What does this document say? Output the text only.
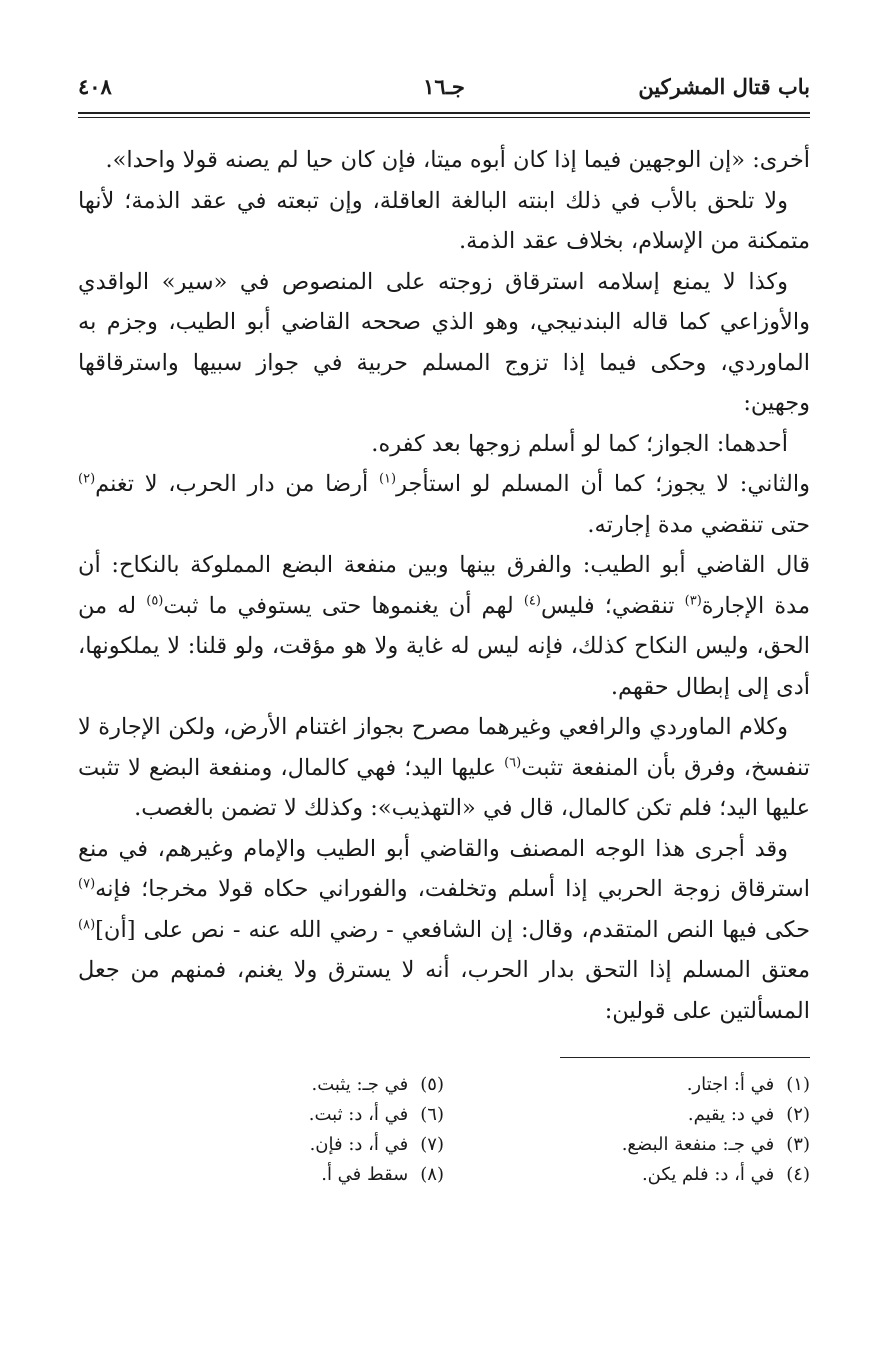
باب قتال المشركين
جـ١٦
٤٠٨

أخرى: «إن الوجهين فيما إذا كان أبوه ميتا، فإن كان حيا لم يصنه قولا واحدا».

ولا تلحق بالأب في ذلك ابنته البالغة العاقلة، وإن تبعته في عقد الذمة؛ لأنها متمكنة من الإسلام، بخلاف عقد الذمة.

وكذا لا يمنع إسلامه استرقاق زوجته على المنصوص في «سير» الواقدي والأوزاعي كما قاله البندنيجي، وهو الذي صححه القاضي أبو الطيب، وجزم به الماوردي، وحكى فيما إذا تزوج المسلم حربية في جواز سبيها واسترقاقها وجهين:

أحدهما: الجواز؛ كما لو أسلم زوجها بعد كفره.

والثاني: لا يجوز؛ كما أن المسلم لو استأجر$^{(١)}$ أرضا من دار الحرب، لا تغنم$^{(٢)}$ حتى تنقضي مدة إجارته.

قال القاضي أبو الطيب: والفرق بينها وبين منفعة البضع المملوكة بالنكاح: أن مدة الإجارة$^{(٣)}$ تنقضي؛ فليس$^{(٤)}$ لهم أن يغنموها حتى يستوفي ما ثبت$^{(٥)}$ له من الحق، وليس النكاح كذلك، فإنه ليس له غاية ولا هو مؤقت، ولو قلنا: لا يملكونها، أدى إلى إبطال حقهم.

وكلام الماوردي والرافعي وغيرهما مصرح بجواز اغتنام الأرض، ولكن الإجارة لا تنفسخ، وفرق بأن المنفعة تثبت$^{(٦)}$ عليها اليد؛ فهي كالمال، ومنفعة البضع لا تثبت عليها اليد؛ فلم تكن كالمال، قال في «التهذيب»: وكذلك لا تضمن بالغصب.

وقد أجرى هذا الوجه المصنف والقاضي أبو الطيب والإمام وغيرهم، في منع استرقاق زوجة الحربي إذا أسلم وتخلفت، والفوراني حكاه قولا مخرجا؛ فإنه$^{(٧)}$ حكى فيها النص المتقدم، وقال: إن الشافعي - رضي الله عنه - نص على [أن]$^{(٨)}$ معتق المسلم إذا التحق بدار الحرب، أنه لا يسترق ولا يغنم، فمنهم من جعل المسألتين على قولين:

(١)في أ: اجتار.
(٢)في د: يقيم.
(٣)في جـ: منفعة البضع.
(٤)في أ، د: فلم يكن.
(٥)في جـ: يثبت.
(٦)في أ، د: ثبت.
(٧)في أ، د: فإن.
(٨)سقط في أ.
